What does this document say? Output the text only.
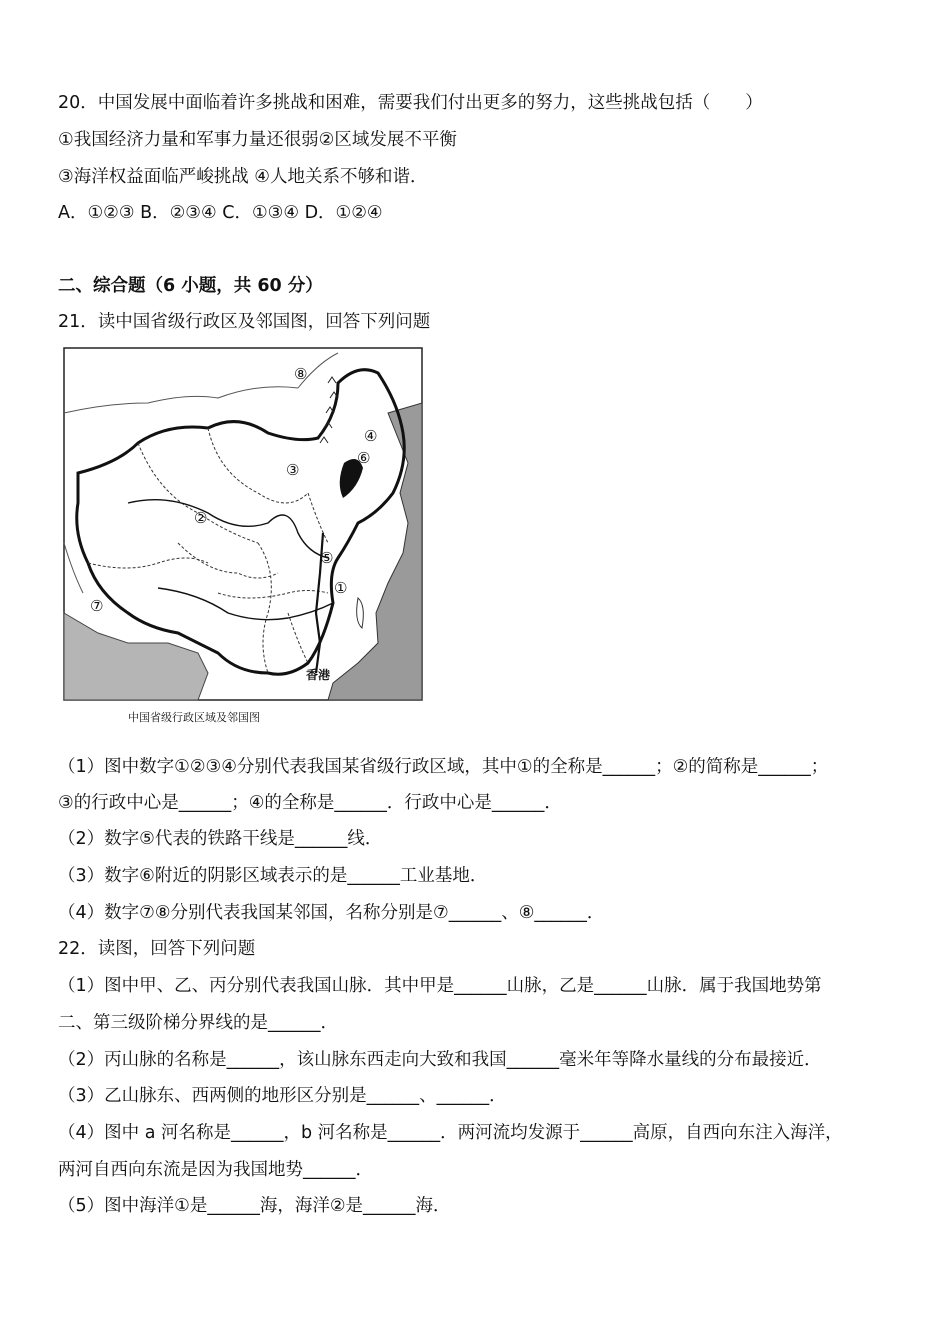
20．中国发展中面临着许多挑战和困难，需要我们付出更多的努力，这些挑战包括（　　）
①我国经济力量和军事力量还很弱②区域发展不平衡
③海洋权益面临严峻挑战 ④人地关系不够和谐．
A．①②③ B．②③④ C．①③④ D．①②④
二、综合题（6 小题，共 60 分）
21．读中国省级行政区及邻国图，回答下列问题
⑧
④
⑥
③
②
⑤
⑦
①
香港
中国省级行政区域及邻国图
（1）图中数字①②③④分别代表我国某省级行政区域，其中①的全称是______；②的简称是______；
③的行政中心是______；④的全称是______．行政中心是______．
（2）数字⑤代表的铁路干线是______线．
（3）数字⑥附近的阴影区域表示的是______工业基地．
（4）数字⑦⑧分别代表我国某邻国，名称分别是⑦______、⑧______．
22．读图，回答下列问题
（1）图中甲、乙、丙分别代表我国山脉．其中甲是______山脉，乙是______山脉．属于我国地势第
二、第三级阶梯分界线的是______．
（2）丙山脉的名称是______，该山脉东西走向大致和我国______毫米年等降水量线的分布最接近．
（3）乙山脉东、西两侧的地形区分别是______、______．
（4）图中 a 河名称是______，b 河名称是______．两河流均发源于______高原，自西向东注入海洋，
两河自西向东流是因为我国地势______．
（5）图中海洋①是______海，海洋②是______海．
